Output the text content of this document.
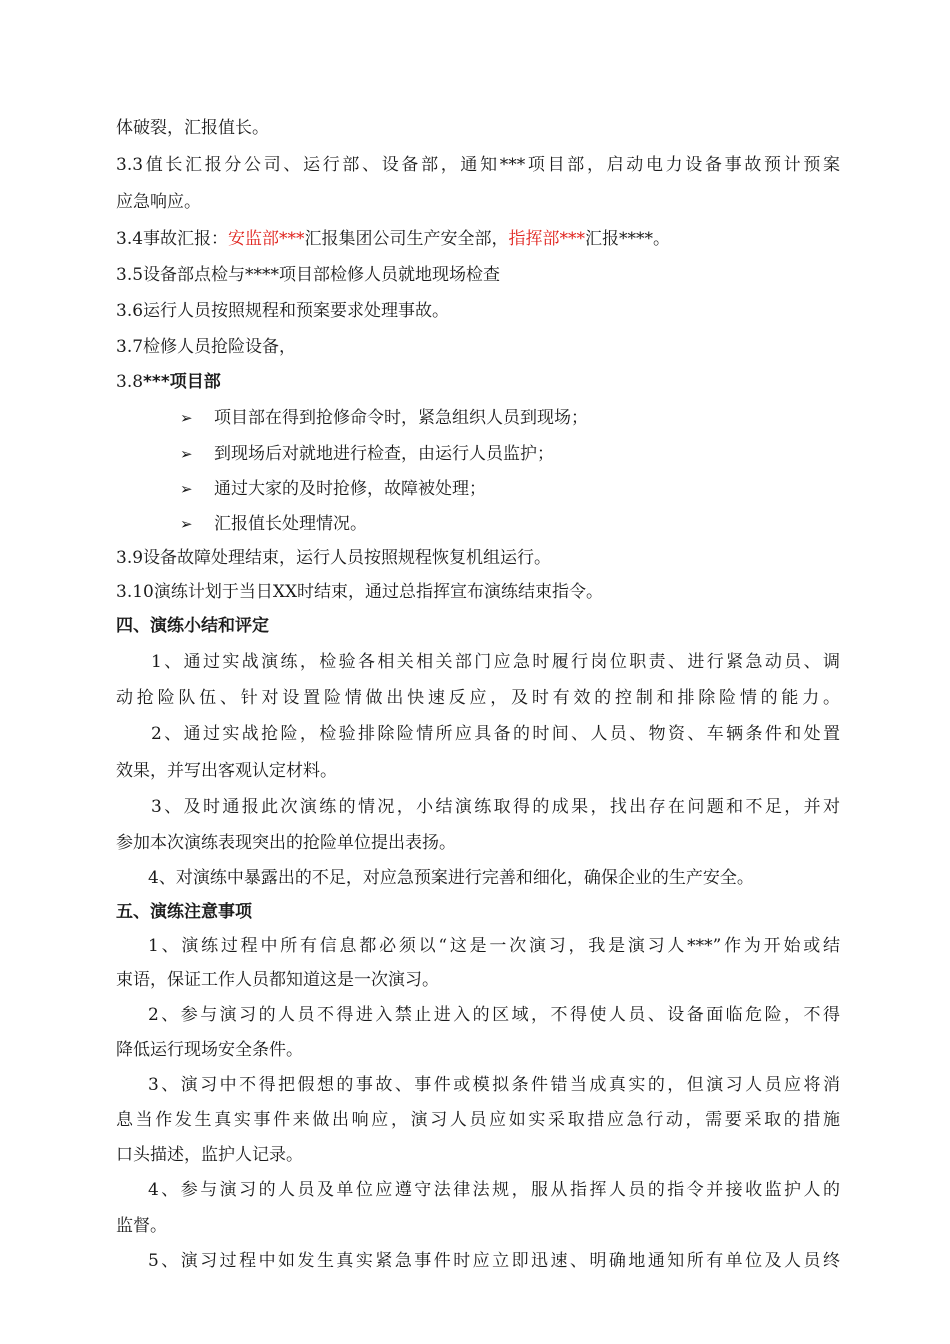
体破裂，汇报值长。
3.3值长汇报分公司、运行部、设备部，通知***项目部，启动电力设备事故预计预案
应急响应。
3.4事故汇报：安监部***汇报集团公司生产安全部，指挥部***汇报****。
3.5设备部点检与****项目部检修人员就地现场检查
3.6运行人员按照规程和预案要求处理事故。
3.7检修人员抢险设备，
3.8***项目部
➢ 项目部在得到抢修命令时，紧急组织人员到现场；
➢ 到现场后对就地进行检查，由运行人员监护；
➢ 通过大家的及时抢修，故障被处理；
➢ 汇报值长处理情况。
3.9设备故障处理结束，运行人员按照规程恢复机组运行。
3.10演练计划于当日XX时结束，通过总指挥宣布演练结束指令。
四、演练小结和评定
1、通过实战演练，检验各相关相关部门应急时履行岗位职责、进行紧急动员、调
动抢险队伍、针对设置险情做出快速反应，及时有效的控制和排除险情的能力。
2、通过实战抢险，检验排除险情所应具备的时间、人员、物资、车辆条件和处置
效果，并写出客观认定材料。
3、及时通报此次演练的情况，小结演练取得的成果，找出存在问题和不足，并对
参加本次演练表现突出的抢险单位提出表扬。
4、对演练中暴露出的不足，对应急预案进行完善和细化，确保企业的生产安全。
五、演练注意事项
1、演练过程中所有信息都必须以“这是一次演习，我是演习人***”作为开始或结
束语，保证工作人员都知道这是一次演习。
2、参与演习的人员不得进入禁止进入的区域，不得使人员、设备面临危险，不得
降低运行现场安全条件。
3、演习中不得把假想的事故、事件或模拟条件错当成真实的，但演习人员应将消
息当作发生真实事件来做出响应，演习人员应如实采取措应急行动，需要采取的措施
口头描述，监护人记录。
4、参与演习的人员及单位应遵守法律法规，服从指挥人员的指令并接收监护人的
监督。
5、演习过程中如发生真实紧急事件时应立即迅速、明确地通知所有单位及人员终
